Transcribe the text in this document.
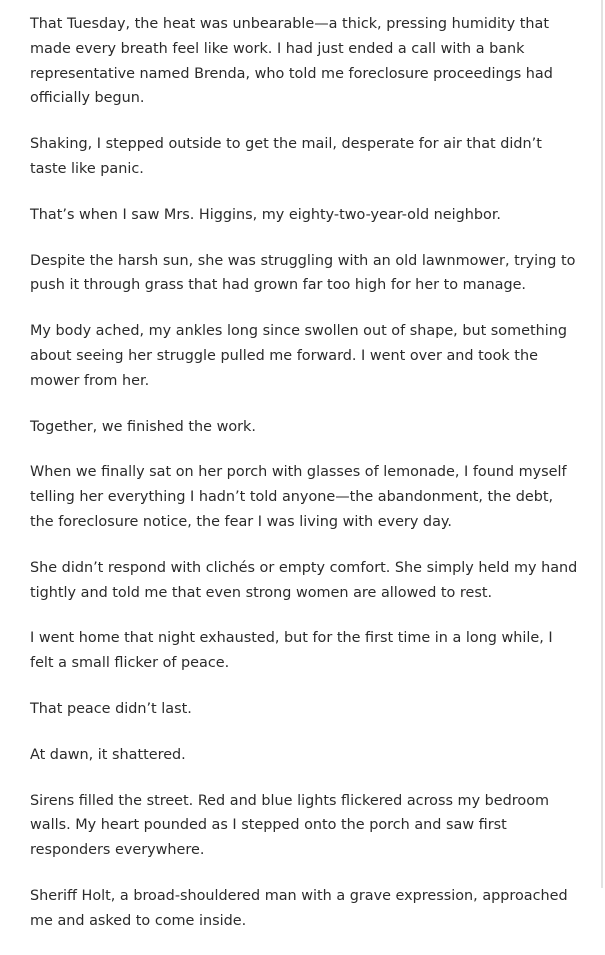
That Tuesday, the heat was unbearable—a thick, pressing humidity that made every breath feel like work. I had just ended a call with a bank representative named Brenda, who told me foreclosure proceedings had officially begun.

Shaking, I stepped outside to get the mail, desperate for air that didn’t taste like panic.

That’s when I saw Mrs. Higgins, my eighty-two-year-old neighbor.

Despite the harsh sun, she was struggling with an old lawnmower, trying to push it through grass that had grown far too high for her to manage.

My body ached, my ankles long since swollen out of shape, but something about seeing her struggle pulled me forward. I went over and took the mower from her.

Together, we finished the work.

When we finally sat on her porch with glasses of lemonade, I found myself telling her everything I hadn’t told anyone—the abandonment, the debt, the foreclosure notice, the fear I was living with every day.

She didn’t respond with clichés or empty comfort. She simply held my hand tightly and told me that even strong women are allowed to rest.

I went home that night exhausted, but for the first time in a long while, I felt a small flicker of peace.

That peace didn’t last.

At dawn, it shattered.

Sirens filled the street. Red and blue lights flickered across my bedroom walls. My heart pounded as I stepped onto the porch and saw first responders everywhere.

Sheriff Holt, a broad-shouldered man with a grave expression, approached me and asked to come inside.
